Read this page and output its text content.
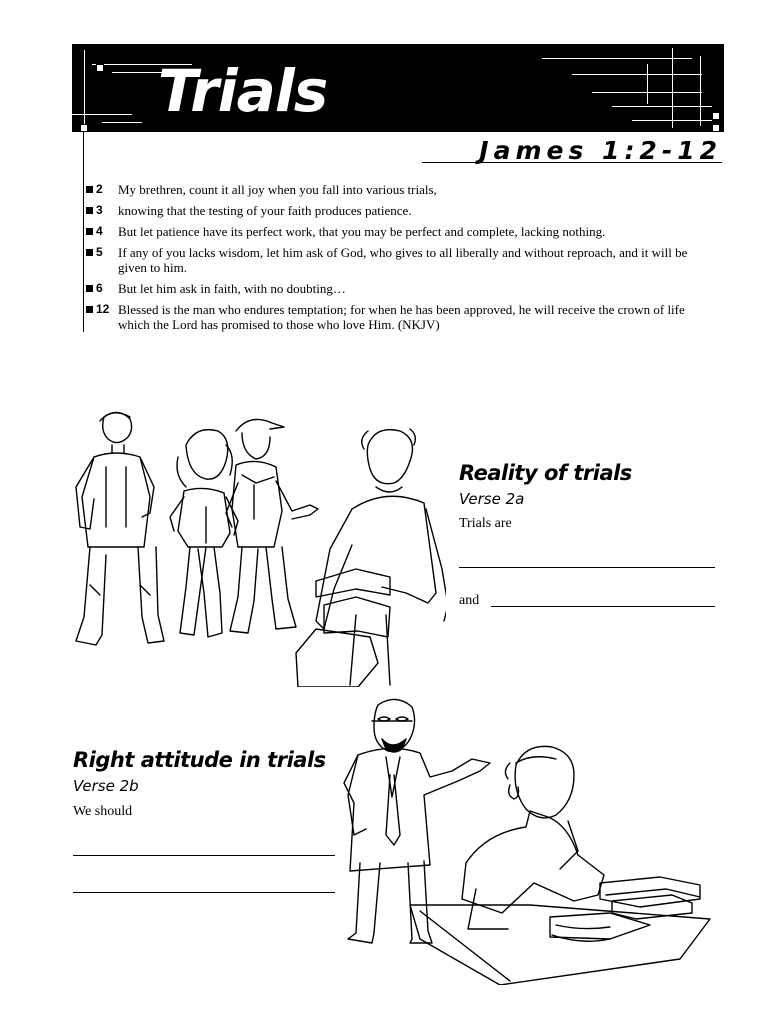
Trials
James 1:2-12
2	My brethren, count it all joy when you fall into various trials,
3	knowing that the testing of your faith produces patience.
4	But let patience have its perfect work, that you may be perfect and complete, lacking nothing.
5	If any of you lacks wisdom, let him ask of God, who gives to all liberally and without reproach, and it will be given to him.
6	But let him ask in faith, with no doubting…
12 Blessed is the man who endures temptation; for when he has been approved, he will receive the crown of life which the Lord has promised to those who love Him. (NKJV)
Reality of trials
Verse 2a
Trials are
and
Right attitude in trials
Verse 2b
We should
